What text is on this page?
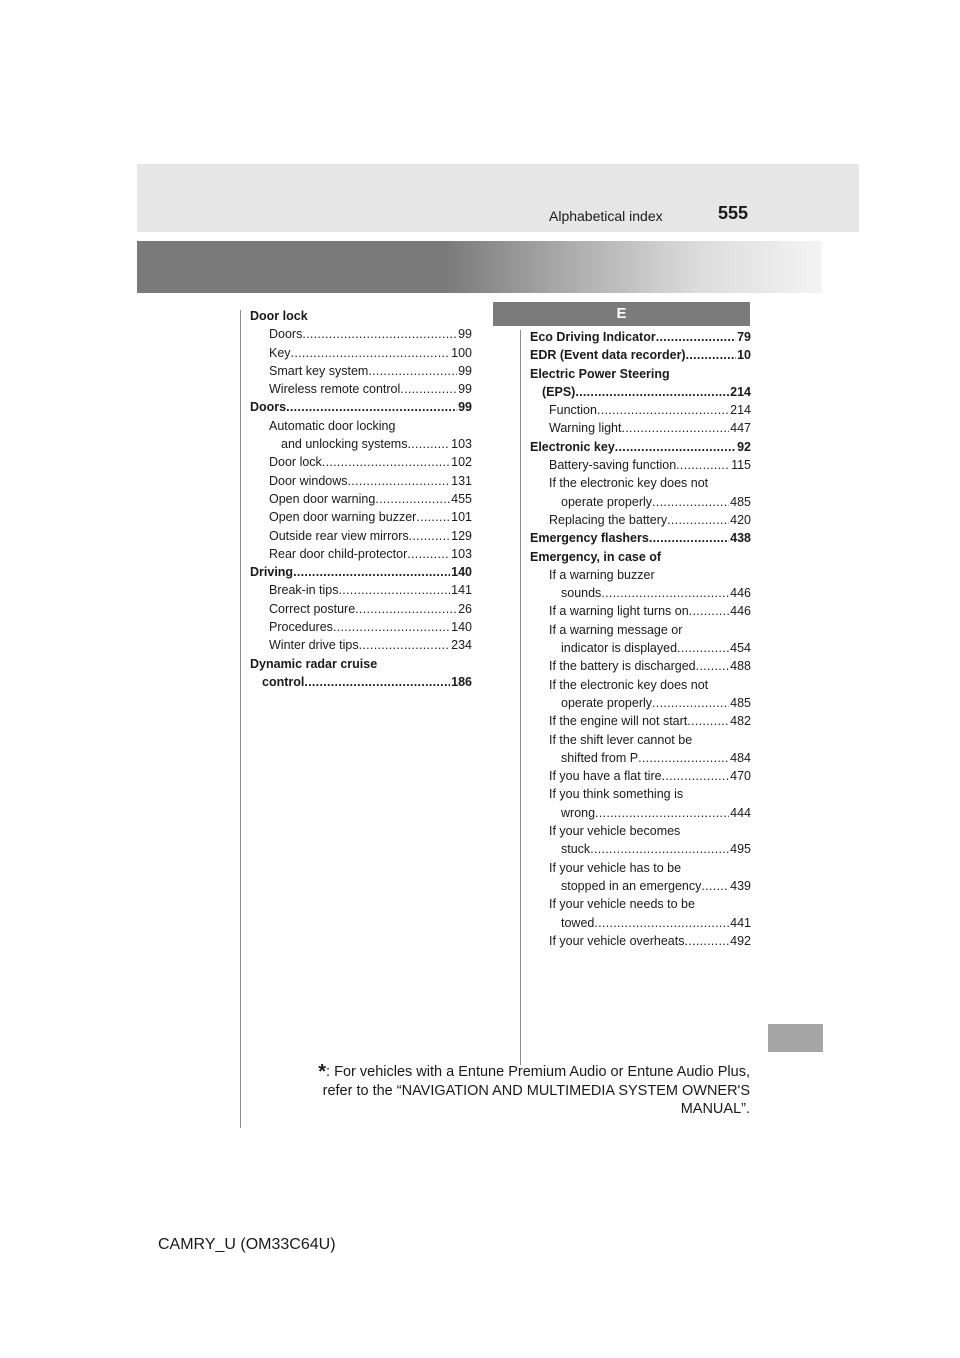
Alphabetical index	555
Door lock
Doors .....	99
Key .....	100
Smart key system .....	99
Wireless remote control .....	99
Doors .....	99
Automatic door locking
and unlocking systems .....	103
Door lock .....	102
Door windows .....	131
Open door warning .....	455
Open door warning buzzer .....	101
Outside rear view mirrors .....	129
Rear door child-protector .....	103
Driving .....	140
Break-in tips .....	141
Correct posture .....	26
Procedures .....	140
Winter drive tips .....	234
Dynamic radar cruise
control .....	186
E
Eco Driving Indicator .....	79
EDR (Event data recorder) .....	10
Electric Power Steering
(EPS) .....	214
Function .....	214
Warning light .....	447
Electronic key .....	92
Battery-saving function .....	115
If the electronic key does not
operate properly .....	485
Replacing the battery .....	420
Emergency flashers .....	438
Emergency, in case of
If a warning buzzer
sounds .....	446
If a warning light turns on .....	446
If a warning message or
indicator is displayed .....	454
If the battery is discharged .....	488
If the electronic key does not
operate properly .....	485
If the engine will not start .....	482
If the shift lever cannot be
shifted from P .....	484
If you have a flat tire .....	470
If you think something is
wrong .....	444
If your vehicle becomes
stuck .....	495
If your vehicle has to be
stopped in an emergency ..... 439
If your vehicle needs to be
towed .....	441
If your vehicle overheats .....	492
*: For vehicles with a Entune Premium Audio or Entune Audio Plus, refer to the “NAVIGATION AND MULTIMEDIA SYSTEM OWNER'S MANUAL”.
CAMRY_U (OM33C64U)
